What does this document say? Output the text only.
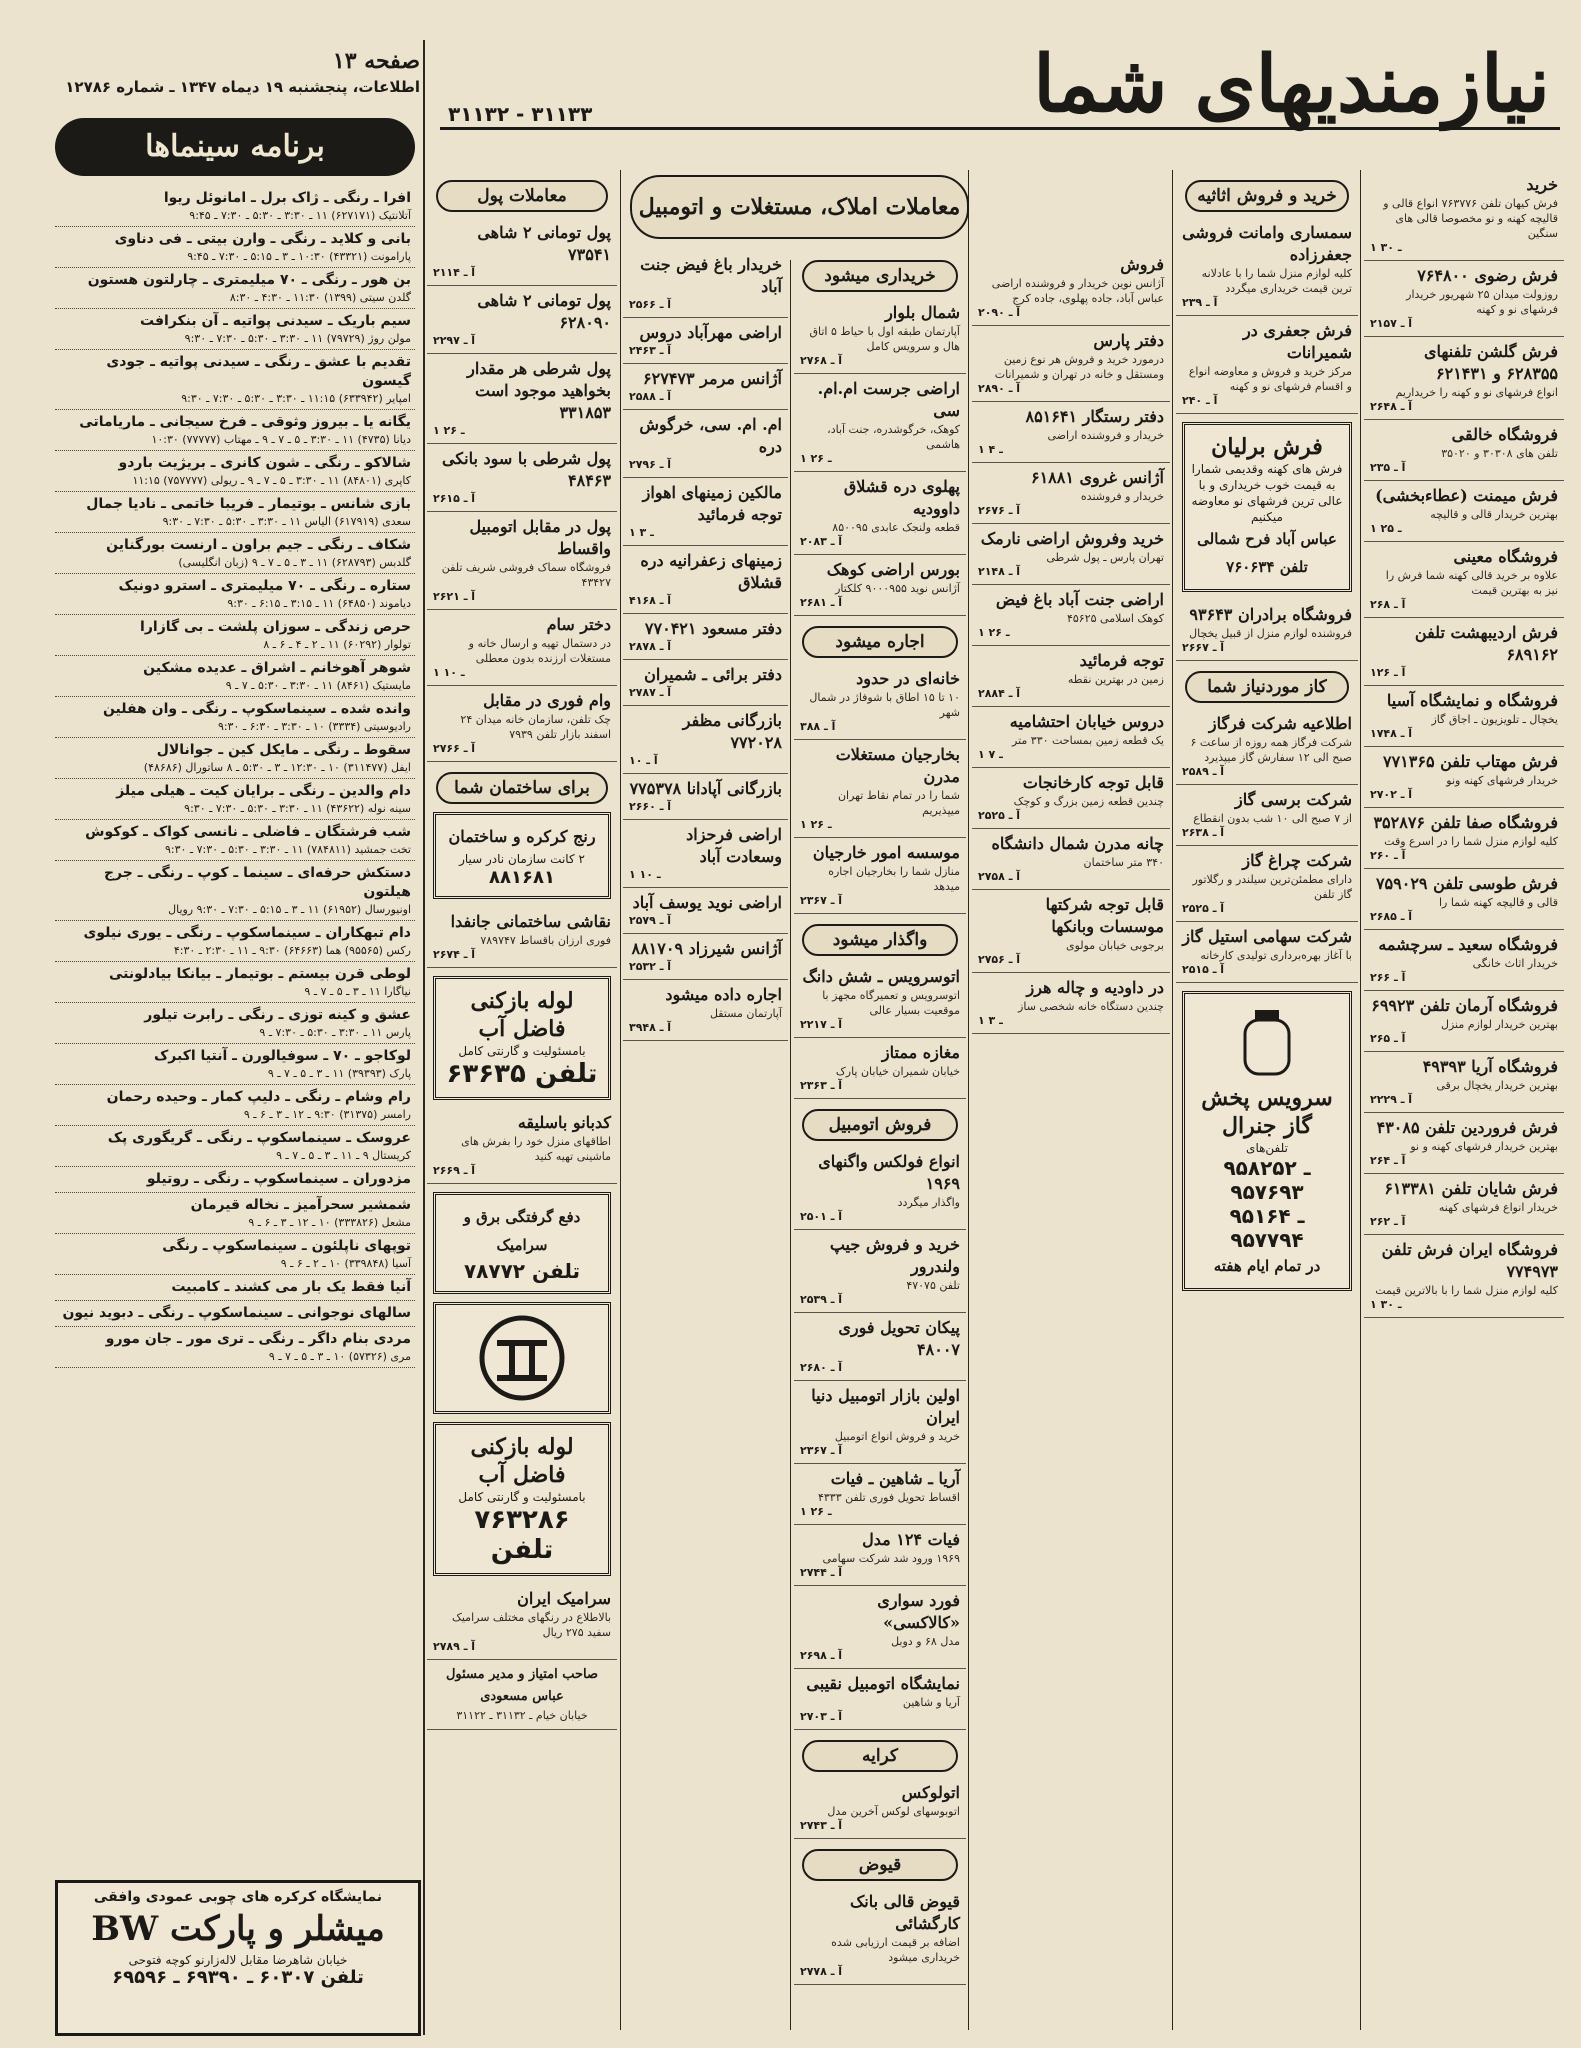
نیازمندیهای شما
۳۱۱۳۲ - ۳۱۱۳۳
صفحه ۱۳
اطلاعات، پنجشنبه ۱۹ دیماه ۱۳۴۷ ـ شماره ۱۲۷۸۶
برنامه سینماها
افرا ـ رنگی ـ ژاک برل ـ امانوئل ریوا
آتلانتیک (۶۲۷۱۷۱) ۱۱ ـ ۳:۳۰ ـ ۵:۳۰ ـ ۷:۳۰ ـ ۹:۴۵
بانی و کلاید ـ رنگی ـ وارن بیتی ـ فی دناوی
پارامونت (۴۳۳۲۱) ۱۰:۳۰ ـ ۳ ـ ۵:۱۵ ـ ۷:۳۰ ـ ۹:۴۵
بن هور ـ رنگی ـ ۷۰ میلیمتری ـ چارلتون هستون
گلدن سیتی (۱۳۹۹) ۱۱:۳۰ ـ ۴:۳۰ ـ ۸:۳۰
سیم باریک ـ سیدنی پواتیه ـ آن بنکرافت
مولن روژ (۷۹۷۲۹) ۱۱ ـ ۳:۳۰ ـ ۵:۳۰ ـ ۷:۳۰ ـ ۹:۳۰
تقدیم با عشق ـ رنگی ـ سیدنی پواتیه ـ جودی گیسون
امپایر (۶۳۳۹۴۲) ۱۱:۱۵ ـ ۳:۳۰ ـ ۵:۳۰ ـ ۷:۳۰ ـ ۹:۳۰
یگانه یا ـ بیروز وثوقی ـ فرخ سیجانی ـ ماریاماتی
دیانا (۴۷۳۵) ۱۱ ـ ۳:۳۰ ـ ۵ ـ ۷ ـ ۹ ـ مهتاب (۷۷۷۷۷) ۱۰:۳۰
شالاکو ـ رنگی ـ شون کانری ـ بریژیت باردو
کاپری (۸۴۸۰۱) ۱۱ ـ ۳:۳۰ ـ ۵ ـ ۷ ـ ۹ ـ ریولی (۷۵۷۷۷۷) ۱۱:۱۵
بازی شانس ـ بوتیمار ـ فریبا خاتمی ـ نادیا جمال
سعدی (۶۱۷۹۱۹) الیاس ۱۱ ـ ۳:۳۰ ـ ۵:۳۰ ـ ۷:۳۰ ـ ۹:۳۰
شکاف ـ رنگی ـ جیم براون ـ ارنست بورگناین
گلدبس (۶۲۸۷۹۳) ۱۱ ـ ۳ ـ ۵ ـ ۷ ـ ۹ (زبان انگلیسی)
ستاره ـ رنگی ـ ۷۰ میلیمتری ـ استرو دونیک
دیاموند (۶۴۸۵۰) ۱۱ ـ ۳:۱۵ ـ ۶:۱۵ ـ ۹:۳۰
حرص زندگی ـ سوزان پلشت ـ بی گازارا
تولوار (۶۰۲۹۲) ۱۱ ـ ۲ ـ ۴ ـ ۶ ـ ۸
شوهر آهوخانم ـ اشراق ـ عدیده مشکین
مایستیک (۸۴۶۱) ۱۱ ـ ۳:۳۰ ـ ۵:۳۰ ـ ۷ ـ ۹
وانده شده ـ سینماسکوپ ـ رنگی ـ وان هفلین
رادیوسیتی (۳۳۳۴) ۱۰ ـ ۳:۳۰ ـ ۶:۳۰ ـ ۹:۳۰
سقوط ـ رنگی ـ مایکل کین ـ جوانالال
ایفل (۳۱۱۴۷۷) ۱۰ ـ ۱۲:۳۰ ـ ۳ ـ ۵:۳۰ ـ ۸ ساتورال (۴۸۶۸۶)
دام والدین ـ رنگی ـ برایان کیت ـ هیلی میلز
سینه نوله (۴۳۶۲۲) ۱۱ ـ ۳:۳۰ ـ ۵:۳۰ ـ ۷:۳۰ ـ ۹:۳۰
شب فرشتگان ـ فاضلی ـ نانسی کواک ـ کوکوش
تخت جمشید (۷۸۴۸۱۱) ۱۱ ـ ۳:۳۰ ـ ۵:۳۰ ـ ۷:۳۰ ـ ۹:۳۰
دستکش حرفه‌ای ـ سینما ـ کوپ ـ رنگی ـ جرج هیلتون
اونیورسال (۶۱۹۵۲) ۱۱ ـ ۳ ـ ۵:۱۵ ـ ۷:۳۰ ـ ۹:۳۰ رویال
دام تبهکاران ـ سینماسکوپ ـ رنگی ـ یوری نیلوی
رکس (۹۵۵۶۵) هما (۶۴۶۶۳) ۹:۳۰ ـ ۱۱ ـ ۲:۳۰ ـ ۴:۳۰
لوطی قرن بیستم ـ بوتیمار ـ بیانکا بیادلونتی
نیاگارا ۱۱ ـ ۳ ـ ۵ ـ ۷ ـ ۹
عشق و کینه توزی ـ رنگی ـ رابرت تیلور
پارس ۱۱ ـ ۳:۳۰ ـ ۵:۳۰ ـ ۷:۳۰ ـ ۹
لوکاجو ـ ۷۰ ـ سوفیالورن ـ آنتیا اکبرک
پارک (۳۹۳۹۳) ۱۱ ـ ۳ ـ ۵ ـ ۷ ـ ۹
رام وشام ـ رنگی ـ دلیپ کمار ـ وحیده رحمان
رامسر (۳۱۳۷۵) ۹:۳۰ ـ ۱۲ ـ ۳ ـ ۶ ـ ۹
عروسک ـ سینماسکوپ ـ رنگی ـ گریگوری پک
کریستال ۹ ـ ۱۱ ـ ۳ ـ ۵ ـ ۷ ـ ۹
مزدوران ـ سینماسکوپ ـ رنگی ـ روتیلو
شمشیر سحرآمیز ـ نخاله قیرمان
مشعل (۳۳۳۸۲۶) ۱۰ ـ ۱۲ ـ ۳ ـ ۶ ـ ۹
توپهای ناپلئون ـ سینماسکوپ ـ رنگی
آسیا (۳۳۹۸۴۸) ۱۰ ـ ۲ ـ ۶ ـ ۹
آنیا فقط یک بار می کشند ـ کامبیت
سالهای نوجوانی ـ سینماسکوپ ـ رنگی ـ دبوید نیون
مردی بنام داگر ـ رنگی ـ تری مور ـ جان مورو
مری (۵۷۳۲۶) ۱۰ ـ ۳ ـ ۵ ـ ۷ ـ ۹
نمایشگاه کرکره های چوبی عمودی وافقی
میشلر و پارکت BW
خیابان شاهرضا مقابل لاله‌زارنو کوچه فتوحی
تلفن ۶۰۳۰۷ ـ ۶۹۳۹۰ ـ ۶۹۵۹۶
معاملات پول
پول تومانی ۲ شاهی ۷۳۵۴۱
آ ـ ۲۱۱۴
پول تومانی ۲ شاهی ۶۲۸۰۹۰
آ ـ ۲۲۹۷
پول شرطی هر مقدار بخواهید موجود است ۳۳۱۸۵۳
۱ ـ ۲۶
پول شرطی با سود بانکی ۴۸۴۶۳
آ ـ ۲۶۱۵
پول در مقابل اتومبیل واقساط
فروشگاه سماک فروشی شریف تلفن ۴۳۴۲۷
آ ـ ۲۶۲۱
دختر سام
در دستمال تهیه و ارسال خانه و مستغلات ارزنده بدون معطلی
۱ ـ ۱۰
وام فوری در مقابل
چک تلفن، سازمان خانه میدان ۲۴ اسفند بازار تلفن ۷۹۳۹
آ ـ ۲۷۶۶
برای ساختمان شما
رنج کرکره و ساختمان
۲ کانت سازمان نادر سیار
۸۸۱۶۸۱
نقاشی ساختمانی جانفدا
فوری ارزان باقساط ۷۸۹۷۴۷
آ ـ ۲۶۷۴
لوله بازکنی فاضل آب
بامسئولیت و گارنتی کامل
۶۳۶۳۵ تلفن
کدبانو باسلیقه
اطاقهای منزل خود را بفرش های ماشینی تهیه کنید
آ ـ ۲۶۶۹
دفع گرفتگی برق و سرامیک
۷۸۷۷۲ تلفن
لوله بازکنی فاضل آب
بامسئولیت و گارنتی کامل
۷۶۳۲۸۶ تلفن
سرامیک ایران
بالاطلاع در رنگهای مختلف سرامیک سفید ۲۷۵ ریال
آ ـ ۲۷۸۹
صاحب امتیاز و مدیر مسئول عباس مسعودی
خیابان خیام ـ ۳۱۱۳۲ ـ ۳۱۱۲۲
معاملات املاک، مستغلات و اتومبیل
خریداری میشود
شمال بلوار
آپارتمان طبقه اول با حیاط ۵ اتاق هال و سرویس کامل
آ ـ ۲۷۶۸
اراضی جرست ام.ام. سی
کوهک، خرگوشدره، جنت آباد، هاشمی
۱ ـ ۲۶
پهلوی دره قشلاق داوودیه
قطعه ولنجک عابدی ۸۵۰۰۹۵
آ ـ ۲۰۸۳
بورس اراضی کوهک
آژانس نوید ۹۰۰۰۹۵۵ کلکتار
آ ـ ۲۶۸۱
اجاره میشود
خانه‌ای در حدود
۱۰ تا ۱۵ اطاق با شوفاژ در شمال شهر
آ ـ ۳۸۸
بخارجیان مستغلات مدرن
شما را در تمام نقاط تهران میپذیریم
۱ ـ ۲۶
موسسه امور خارجیان
منازل شما را بخارجیان اجاره میدهد
آ ـ ۲۳۶۷
واگذار میشود
اتوسرویس ـ شش دانگ
اتوسرویس و تعمیرگاه مجهز با موقعیت بسیار عالی
آ ـ ۲۲۱۷
مغازه ممتاز
خیابان شمیران خیابان پارک
آ ـ ۲۳۶۳
فروش اتومبیل
انواع فولکس واگنهای ۱۹۶۹
واگذار میگردد
آ ـ ۲۵۰۱
خرید و فروش جیپ ولندرور
تلفن ۴۷۰۷۵
آ ـ ۲۵۳۹
پیکان تحویل فوری ۴۸۰۰۷
آ ـ ۲۶۸۰
اولین بازار اتومبیل دنیا ایران
خرید و فروش انواع اتومبیل
آ ـ ۲۳۶۷
آریا ـ شاهین ـ فیات
اقساط تحویل فوری تلفن ۴۳۳۳
۱ ـ ۲۶
فیات ۱۲۴ مدل
۱۹۶۹ ورود شد شرکت سهامی
آ ـ ۲۷۴۴
فورد سواری «کالاکسی»
مدل ۶۸ و دوبل
آ ـ ۲۶۹۸
نمایشگاه اتومبیل نقیبی
آریا و شاهین
آ ـ ۲۷۰۳
کرایه
اتولوکس
اتوبوسهای لوکس آخرین مدل
آ ـ ۲۷۴۳
قیوض
قیوض قالی بانک کارگشائی
اضافه بر قیمت ارزیابی شده خریداری میشود
آ ـ ۲۷۷۸
فروش
آژانس نوین خریدار و فروشنده اراضی عباس آباد، جاده پهلوی، جاده کرج
آ ـ ۲۰۹۰
دفتر پارس
درمورد خرید و فروش هر نوع زمین ومستقل و خانه در تهران و شمیرانات
آ ـ ۲۸۹۰
دفتر رستگار ۸۵۱۶۴۱
خریدار و فروشنده اراضی
۱ ـ ۴
آژانس غروی ۶۱۸۸۱
خریدار و فروشنده
آ ـ ۲۶۷۶
خرید وفروش اراضی نارمک
تهران پارس ـ پول شرطی
آ ـ ۲۱۴۸
اراضی جنت آباد باغ فیض
کوهک اسلامی ۴۵۶۲۵
۱ ـ ۲۶
توجه فرمائید
زمین در بهترین نقطه
آ ـ ۲۸۸۴
دروس خیابان احتشامیه
یک قطعه زمین بمساحت ۳۳۰ متر
۱ ـ ۷
قابل توجه کارخانجات
چندین قطعه زمین بزرگ و کوچک
آ ـ ۲۵۲۵
چانه مدرن شمال دانشگاه
۳۴۰ متر ساختمان
آ ـ ۲۷۵۸
قابل توجه شرکتها موسسات وبانکها
برجوبی خیابان مولوی
آ ـ ۲۷۵۶
در داودیه و چاله هرز
چندین دستگاه خانه شخصی ساز
۱ ـ ۳
خریدار باغ فیض جنت آباد
آ ـ ۲۵۶۶
اراضی مهرآباد دروس
آ ـ ۲۴۶۳
آژانس مرمر ۶۲۷۴۷۳
آ ـ ۲۵۸۸
ام. ام. سی، خرگوش دره
آ ـ ۲۷۹۶
مالکین زمینهای اهواز توجه فرمائید
۱ ـ ۳
زمینهای زعفرانیه دره قشلاق
آ ـ ۴۱۶۸
دفتر مسعود ۷۷۰۴۲۱
آ ـ ۲۸۷۸
دفتر برائی ـ شمیران
آ ـ ۲۷۸۷
بازرگانی مظفر ۷۷۲۰۲۸
آ ـ ۱۰
بازرگانی آپادانا ۷۷۵۳۷۸
آ ـ ۲۶۶۰
اراضی فرحزاد وسعادت آباد
۱ ـ ۱۰
اراضی نوید یوسف آباد
آ ـ ۲۵۷۹
آژانس شیرزاد ۸۸۱۷۰۹
آ ـ ۲۵۳۲
اجاره داده میشود
آپارتمان مستقل
آ ـ ۳۹۴۸
خرید و فروش اثاثیه
سمساری وامانت فروشی جعفرزاده
کلیه لوازم منزل شما را با عادلانه ترین قیمت خریداری میگردد
آ ـ ۲۳۹
فرش جعفری در شمیرانات
مرکز خرید و فروش و معاوضه انواع و اقسام فرشهای نو و کهنه
آ ـ ۲۴۰
فرش برلیان
فرش های کهنه وقدیمی شمارا به قیمت خوب خریداری و با عالی ترین فرشهای نو معاوضه میکنیم
عباس آباد فرح شمالی تلفن ۷۶۰۶۳۴
فروشگاه برادران ۹۳۶۴۳
فروشنده لوازم منزل از قبیل یخچال
آ ـ ۲۶۶۷
کاز موردنیاز شما
اطلاعیه شرکت فرگاز
شرکت فرگاز همه روزه از ساعت ۶ صبح الی ۱۲ سفارش گاز میپذیرد
آ ـ ۲۵۸۹
شرکت برسی گاز
از ۷ صبح الی ۱۰ شب بدون انقطاع
آ ـ ۲۶۳۸
شرکت چراغ گاز
دارای مطمئن‌ترین سیلندر و رگلاتور گاز تلفن
آ ـ ۲۵۲۵
شرکت سهامی استیل گاز
با آغاز بهره‌برداری تولیدی کارخانه
آ ـ ۲۵۱۵
سرویس پخش گاز جنرال
تلفن‌های
۹۵۸۲۵۲ ـ ۹۵۷۶۹۳
۹۵۱۶۴ ـ ۹۵۷۷۹۴
در تمام ایام هفته
خرید
فرش کیهان تلفن ۷۶۳۷۷۶ انواع قالی و قالیچه کهنه و نو مخصوصا قالی های سنگین
۱ ـ ۳۰
فرش رضوی ۷۶۴۸۰۰
روزولت میدان ۲۵ شهریور خریدار فرشهای نو و کهنه
آ ـ ۲۱۵۷
فرش گلشن تلفنهای ۶۲۸۳۵۵ و ۶۲۱۴۳۱
انواع فرشهای نو و کهنه را خریداریم
آ ـ ۲۶۴۸
فروشگاه خالقی
تلفن های ۳۰۳۰۸ و ۳۵۰۲۰
آ ـ ۲۳۵
فرش میمنت (عطاءبخشی)
بهترین خریدار قالی و قالیچه
۱ ـ ۲۵
فروشگاه معینی
علاوه بر خرید قالی کهنه شما فرش را نیز به بهترین قیمت
آ ـ ۲۶۸
فرش اردیبهشت تلفن ۶۸۹۱۶۲
آ ـ ۱۲۶
فروشگاه و نمایشگاه آسیا
یخچال ـ تلویزیون ـ اجاق گاز
آ ـ ۱۷۴۸
فرش مهتاب تلفن ۷۷۱۳۶۵
خریدار فرشهای کهنه ونو
آ ـ ۲۷۰۲
فروشگاه صفا تلفن ۳۵۲۸۷۶
کلیه لوازم منزل شما را در اسرع وقت
آ ـ ۲۶۰
فرش طوسی تلفن ۷۵۹۰۲۹
قالی و قالیچه کهنه شما را
آ ـ ۲۶۸۵
فروشگاه سعید ـ سرچشمه
خریدار اثاث خانگی
آ ـ ۲۶۶
فروشگاه آرمان تلفن ۶۹۹۲۳
بهترین خریدار لوازم منزل
آ ـ ۲۶۵
فروشگاه آریا ۴۹۳۹۳
بهترین خریدار یخچال برقی
آ ـ ۲۲۲۹
فرش فروردین تلفن ۴۳۰۸۵
بهترین خریدار فرشهای کهنه و نو
آ ـ ۲۶۴
فرش شایان تلفن ۶۱۳۳۸۱
خریدار انواع فرشهای کهنه
آ ـ ۲۶۲
فروشگاه ایران فرش تلفن ۷۷۴۹۷۳
کلیه لوازم منزل شما را با بالاترین قیمت
۱ ـ ۳۰
